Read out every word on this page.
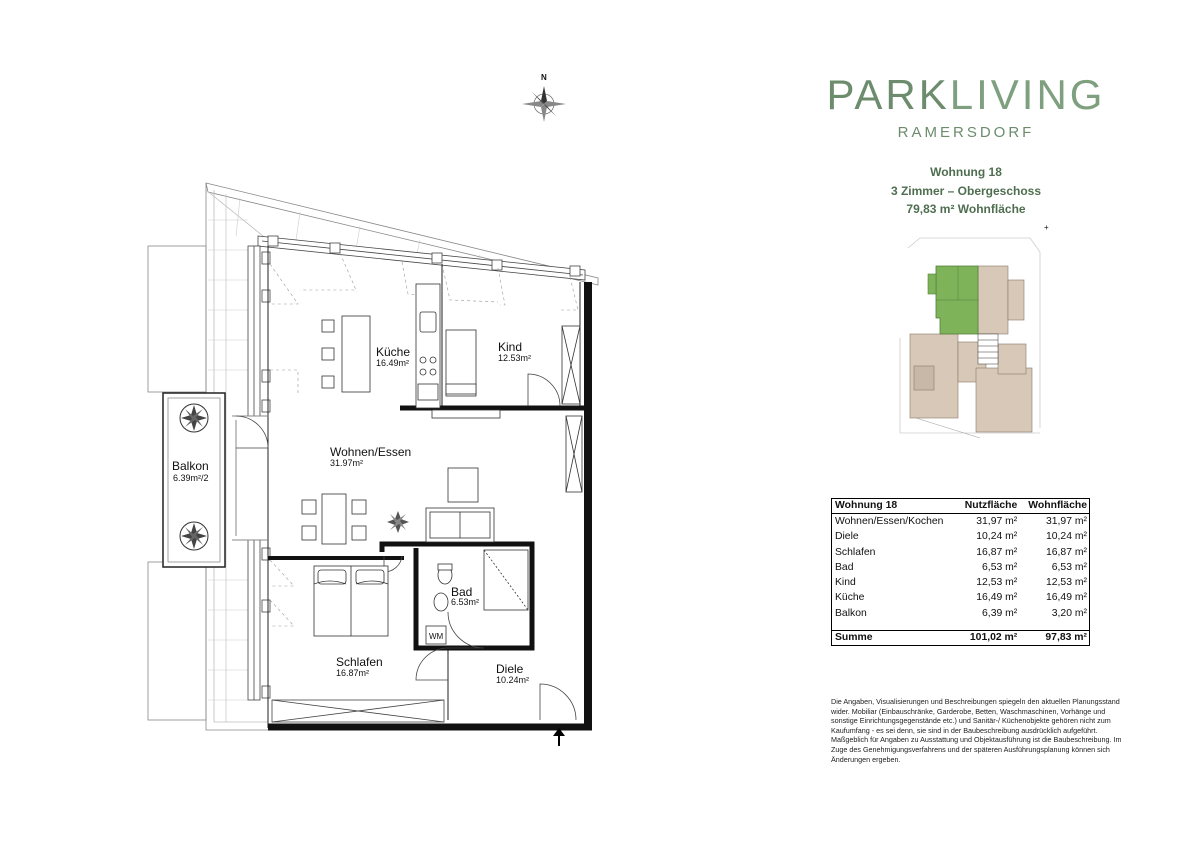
N
Balkon
6.39m²/2
Küche
16.49m²
Kind
12.53m²
Wohnen/Essen
31.97m²
Bad
6.53m²
WM
Schlafen
16.87m²	Diele
10.24m²
PARKLIVING
RAMERSDORF
Wohnung 18
3 Zimmer – Obergeschoss
79,83 m² Wohnfläche
+
Wohnung 18	Nutzfläche	Wohnfläche
Wohnen/Essen/Kochen	31,97 m²	31,97 m²
Diele	10,24 m²	10,24 m²
Schlafen	16,87 m²	16,87 m²
Bad	6,53 m²	6,53 m²
Kind	12,53 m²	12,53 m²
Küche	16,49 m²	16,49 m²
Balkon	6,39 m²	3,20 m²
Summe	101,02 m²	97,83 m²
Die Angaben, Visualisierungen und Beschreibungen spiegeln den aktuellen Planungsstand wider. Mobiliar (Einbauschränke, Garderobe, Betten, Waschmaschinen, Vorhänge und sonstige Einrichtungsgegenstände etc.) und Sanitär-/ Küchenobjekte gehören nicht zum Kaufumfang - es sei denn, sie sind in der Baubeschreibung ausdrücklich aufgeführt. Maßgeblich für Angaben zu Ausstattung und Objektausführung ist die Baubeschreibung. Im Zuge des Genehmigungsverfahrens und der späteren Ausführungsplanung können sich Änderungen ergeben.
